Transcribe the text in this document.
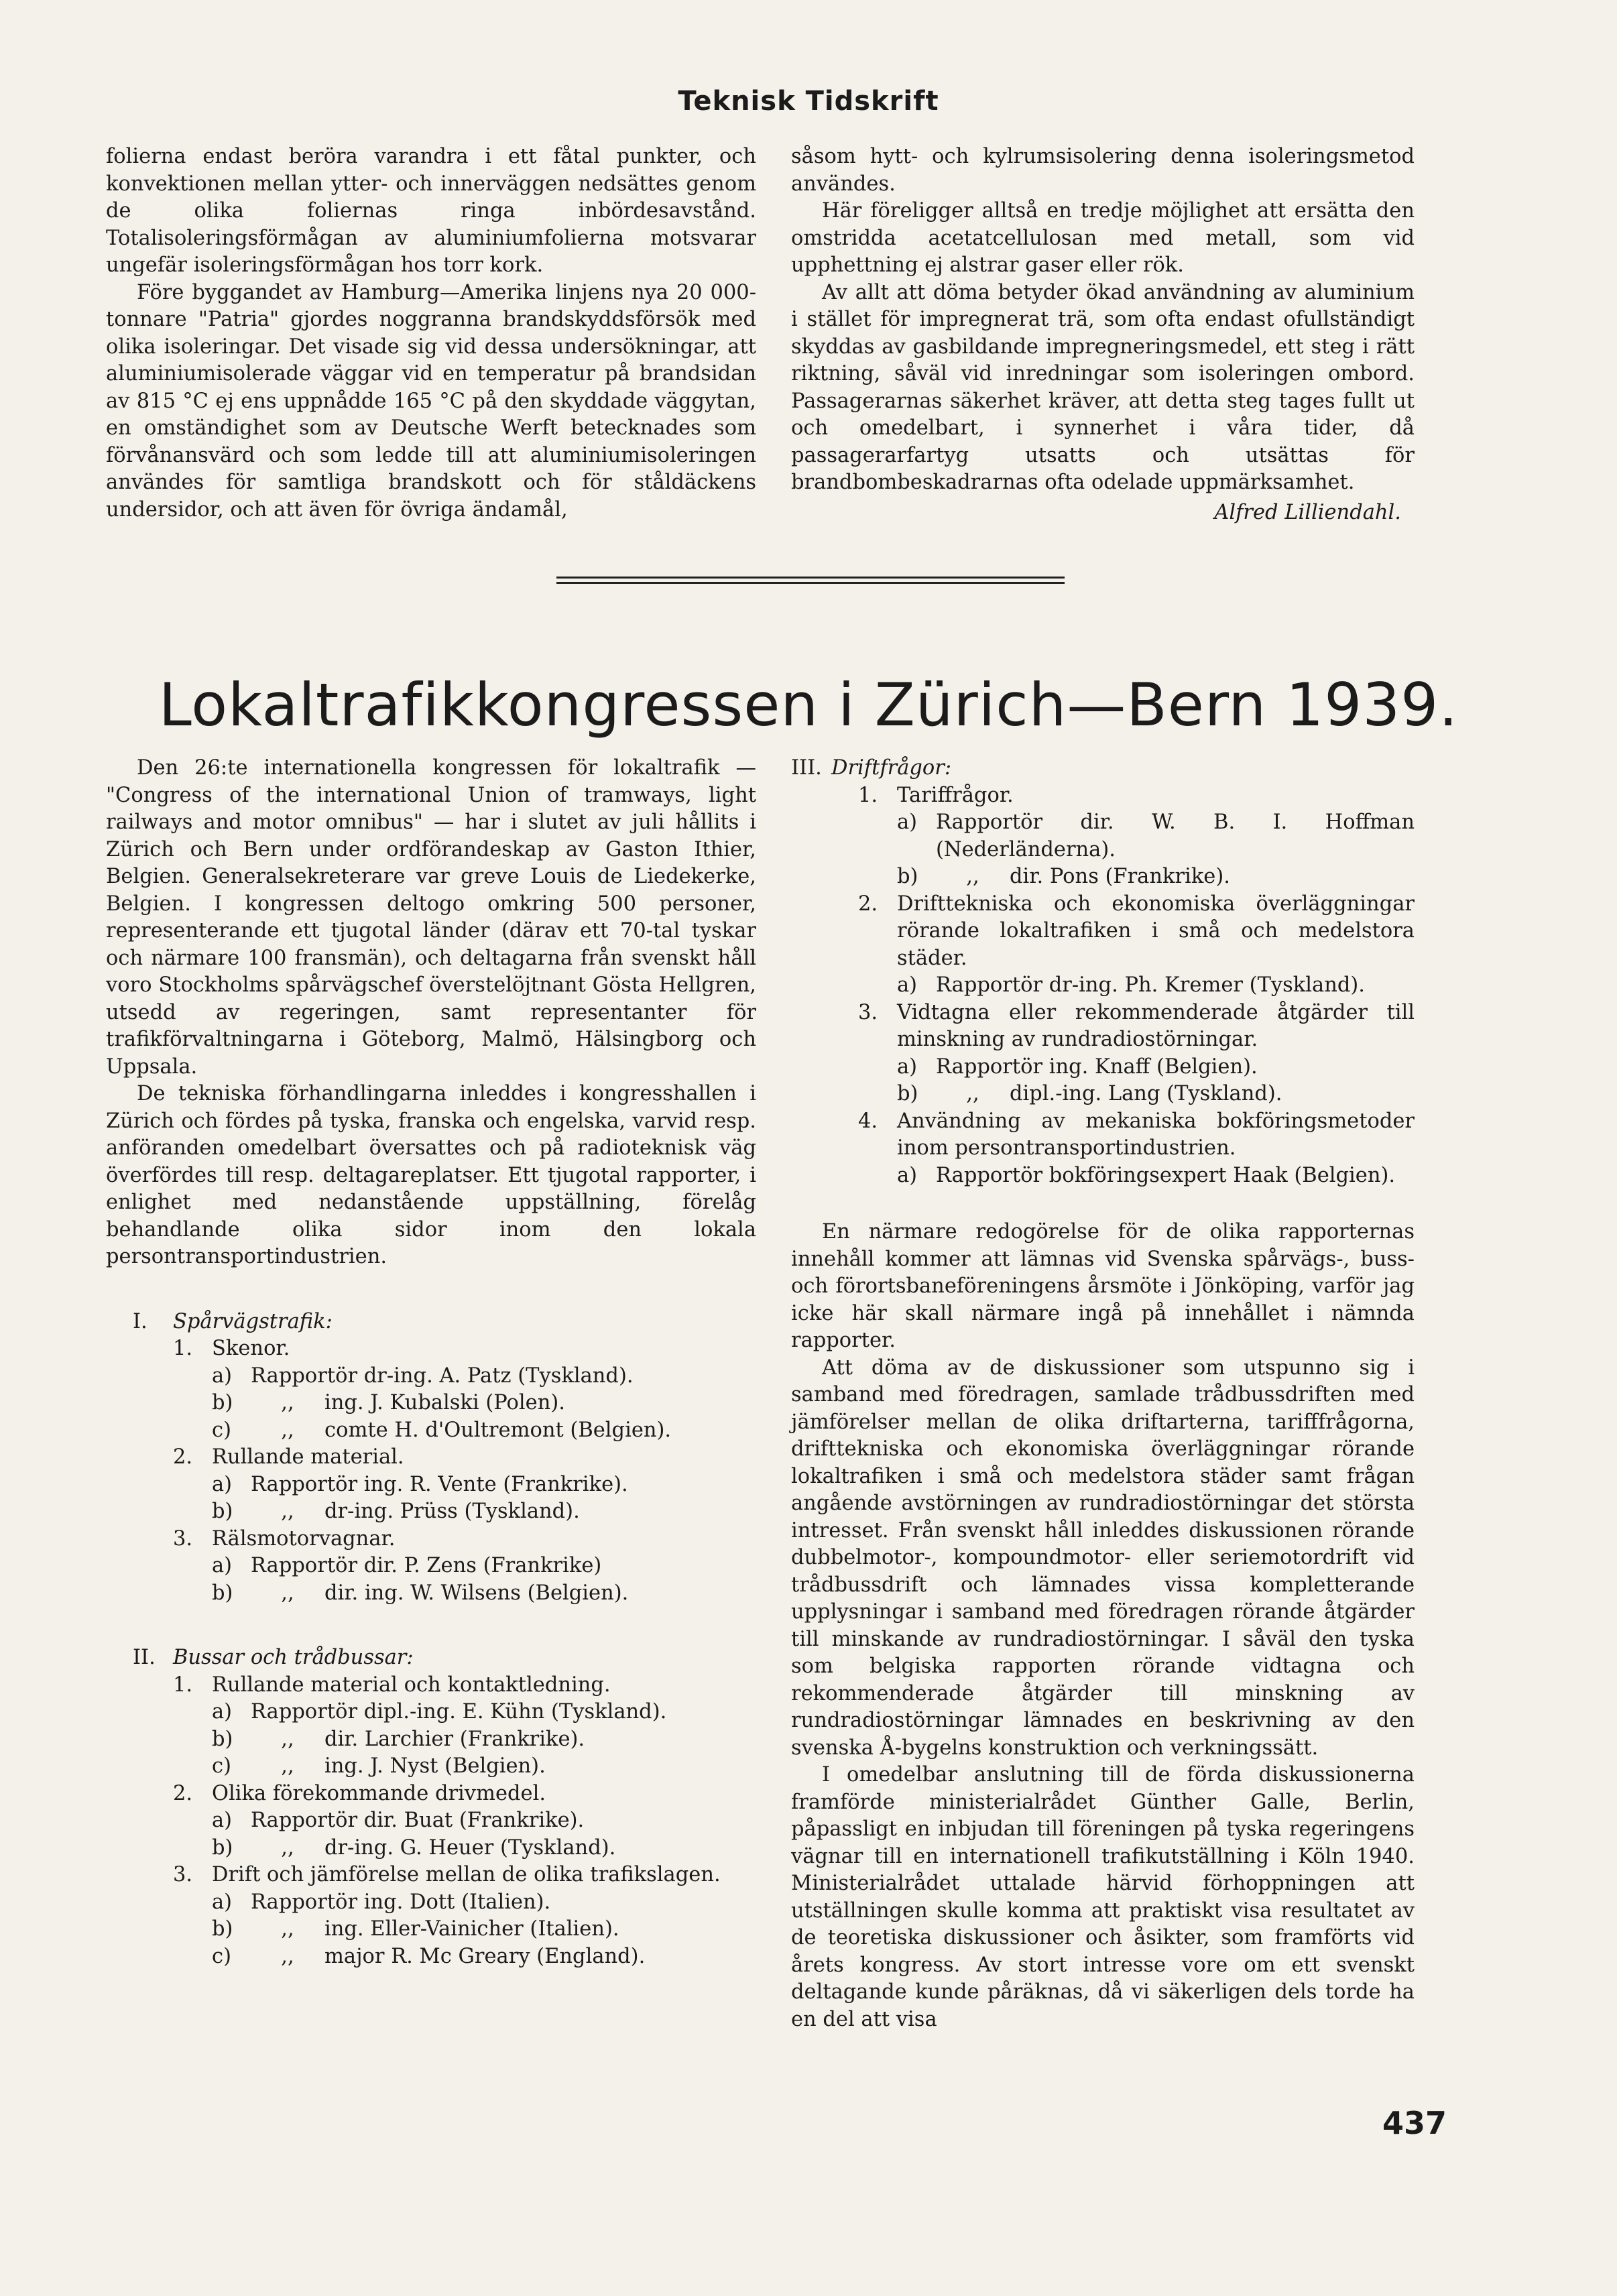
Teknisk Tidskrift

folierna endast beröra varandra i ett fåtal punkter, och konvektionen mellan ytter- och innerväggen nedsättes genom de olika foliernas ringa inbördesavstånd. Totalisoleringsförmågan av aluminiumfolierna motsvarar ungefär isoleringsförmågan hos torr kork.

Före byggandet av Hamburg—Amerika linjens nya 20 000-tonnare "Patria" gjordes noggranna brandskyddsförsök med olika isoleringar. Det visade sig vid dessa undersökningar, att aluminiumisolerade väggar vid en temperatur på brandsidan av 815 °C ej ens uppnådde 165 °C på den skyddade väggytan, en omständighet som av Deutsche Werft betecknades som förvånansvärd och som ledde till att aluminiumisoleringen användes för samtliga brandskott och för ståldäckens undersidor, och att även för övriga ändamål,

såsom hytt- och kylrumsisolering denna isoleringsmetod användes.

Här föreligger alltså en tredje möjlighet att ersätta den omstridda acetatcellulosan med metall, som vid upphettning ej alstrar gaser eller rök.

Av allt att döma betyder ökad användning av aluminium i stället för impregnerat trä, som ofta endast ofullständigt skyddas av gasbildande impregneringsmedel, ett steg i rätt riktning, såväl vid inredningar som isoleringen ombord. Passagerarnas säkerhet kräver, att detta steg tages fullt ut och omedelbart, i synnerhet i våra tider, då passagerarfartyg utsatts och utsättas för brandbombeskadrarnas ofta odelade uppmärksamhet.

Alfred Lilliendahl.
Lokaltrafikkongressen i Zürich—Bern 1939.

Den 26:te internationella kongressen för lokaltrafik — "Congress of the international Union of tramways, light railways and motor omnibus" — har i slutet av juli hållits i Zürich och Bern under ordförandeskap av Gaston Ithier, Belgien. Generalsekreterare var greve Louis de Liedekerke, Belgien. I kongressen deltogo omkring 500 personer, representerande ett tjugotal länder (därav ett 70-tal tyskar och närmare 100 fransmän), och deltagarna från svenskt håll voro Stockholms spårvägschef överstelöjtnant Gösta Hellgren, utsedd av regeringen, samt representanter för trafikförvaltningarna i Göteborg, Malmö, Hälsingborg och Uppsala.

De tekniska förhandlingarna inleddes i kongresshallen i Zürich och fördes på tyska, franska och engelska, varvid resp. anföranden omedelbart översattes och på radioteknisk väg överfördes till resp. deltagareplatser. Ett tjugotal rapporter, i enlighet med nedanstående uppställning, förelåg behandlande olika sidor inom den lokala persontransportindustrien.

I.	Spårvägstrafik:
1. Skenor.
a) Rapportör dr-ing. A. Patz (Tyskland).
b)	,,	ing. J. Kubalski (Polen).
c)	,,	comte H. d'Oultremont (Belgien).
2. Rullande material.
a) Rapportör ing. R. Vente (Frankrike).
b)	,,	dr-ing. Prüss (Tyskland).
3. Rälsmotorvagnar.
a) Rapportör dir. P. Zens (Frankrike)
b)	,,	dir. ing. W. Wilsens (Belgien).
II. Bussar och trådbussar:
1. Rullande material och kontaktledning.
a) Rapportör dipl.-ing. E. Kühn (Tyskland).
b)	,,	dir. Larchier (Frankrike).
c)	,,	ing. J. Nyst (Belgien).
2. Olika förekommande drivmedel.
a) Rapportör dir. Buat (Frankrike).
b)	,,	dr-ing. G. Heuer (Tyskland).
3. Drift och jämförelse mellan de olika trafikslagen.
a) Rapportör ing. Dott (Italien).
b)	,,	ing. Eller-Vainicher (Italien).
c)	,,	major R. Mc Greary (England).
III. Driftfrågor:
1. Tariffrågor.
a) Rapportör dir. W. B. I. Hoffman (Nederländerna).
b)	,,	dir. Pons (Frankrike).
2. Drifttekniska och ekonomiska överläggningar rörande lokaltrafiken i små och medelstora städer.
a) Rapportör dr-ing. Ph. Kremer (Tyskland).
3. Vidtagna eller rekommenderade åtgärder till minskning av rundradiostörningar.
a) Rapportör ing. Knaff (Belgien).
b)	,,	dipl.-ing. Lang (Tyskland).
4. Användning av mekaniska bokföringsmetoder inom persontransportindustrien.
a) Rapportör bokföringsexpert Haak (Belgien).

En närmare redogörelse för de olika rapporternas innehåll kommer att lämnas vid Svenska spårvägs-, buss- och förortsbaneföreningens årsmöte i Jönköping, varför jag icke här skall närmare ingå på innehållet i nämnda rapporter.

Att döma av de diskussioner som utspunno sig i samband med föredragen, samlade trådbussdriften med jämförelser mellan de olika driftarterna, tarifffrågorna, drifttekniska och ekonomiska överläggningar rörande lokaltrafiken i små och medelstora städer samt frågan angående avstörningen av rundradiostörningar det största intresset. Från svenskt håll inleddes diskussionen rörande dubbelmotor-, kompoundmotor- eller seriemotordrift vid trådbussdrift och lämnades vissa kompletterande upplysningar i samband med föredragen rörande åtgärder till minskande av rundradiostörningar. I såväl den tyska som belgiska rapporten rörande vidtagna och rekommenderade åtgärder till minskning av rundradiostörningar lämnades en beskrivning av den svenska Å-bygelns konstruktion och verkningssätt.

I omedelbar anslutning till de förda diskussionerna framförde ministerialrådet Günther Galle, Berlin, påpassligt en inbjudan till föreningen på tyska regeringens vägnar till en internationell trafikutställning i Köln 1940. Ministerialrådet uttalade härvid förhoppningen att utställningen skulle komma att praktiskt visa resultatet av de teoretiska diskussioner och åsikter, som framförts vid årets kongress. Av stort intresse vore om ett svenskt deltagande kunde påräknas, då vi säkerligen dels torde ha en del att visa

437
